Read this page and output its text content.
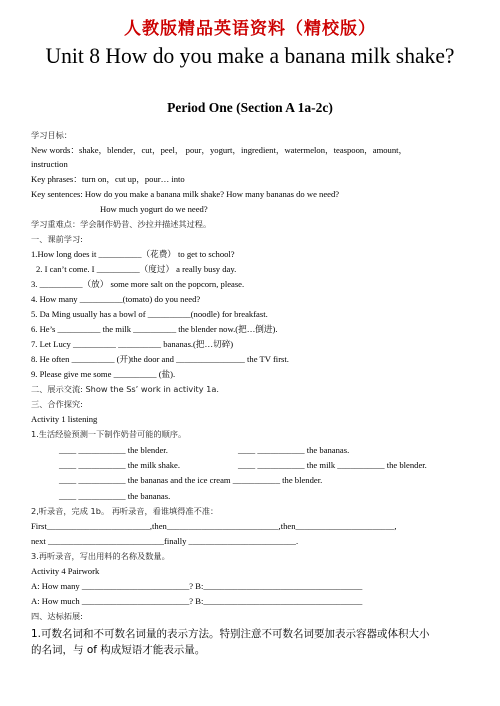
人教版精品英语资料（精校版）
Unit 8 How do you make a banana milk shake?
Period One (Section A 1a-2c)
学习目标：
New words：shake，blender，cut，peel， pour，yogurt，ingredient，watermelon，teaspoon，amount，
instruction
Key phrases：turn on，cut up，pour… into
Key sentences: How do you make a banana milk shake? How many bananas do we need?
How much yogurt do we need?
学习重难点：学会制作奶昔、沙拉并描述其过程。
一、课前学习:
1.How long does it __________（花费） to get to school?
2. I can’t come. I __________（度过） a really busy day.
3. __________（放） some more salt on the popcorn, please.
4. How many __________(tomato) do you need?
5. Da Ming usually has a bowl of __________(noodle) for breakfast.
6. He’s __________ the milk __________ the blender now.(把…倒进).
7. Let Lucy __________ __________ bananas.(把…切碎)
8. He often __________ (开)the door and ________________ the TV first.
9. Please give me some __________ (盐).
二、展示交流: Show the Ss’ work in activity 1a.
三、合作探究:
Activity 1 listening
1.生活经验预测一下制作奶昔可能的顺序。
____ ___________ the blender.	____ ___________ the bananas.
____ ___________ the milk shake.	____ ___________ the milk ___________ the blender.
____ ___________ the bananas and the ice cream ___________ the blender.
____ ___________ the bananas.
2,听录音，完成 1b。 再听录音，看谁填得准不准：
First________________________,then__________________________,then_______________________,
next ___________________________finally _________________________.
3.再听录音，写出用料的名称及数量。
Activity 4 Pairwork
A: How many _________________________? B:_____________________________________
A: How much _________________________? B:_____________________________________
四、达标拓展:
1.可数名词和不可数名词量的表示方法。特别注意不可数名词要加表示容器或体积大小
的名词，与 of 构成短语才能表示量。
